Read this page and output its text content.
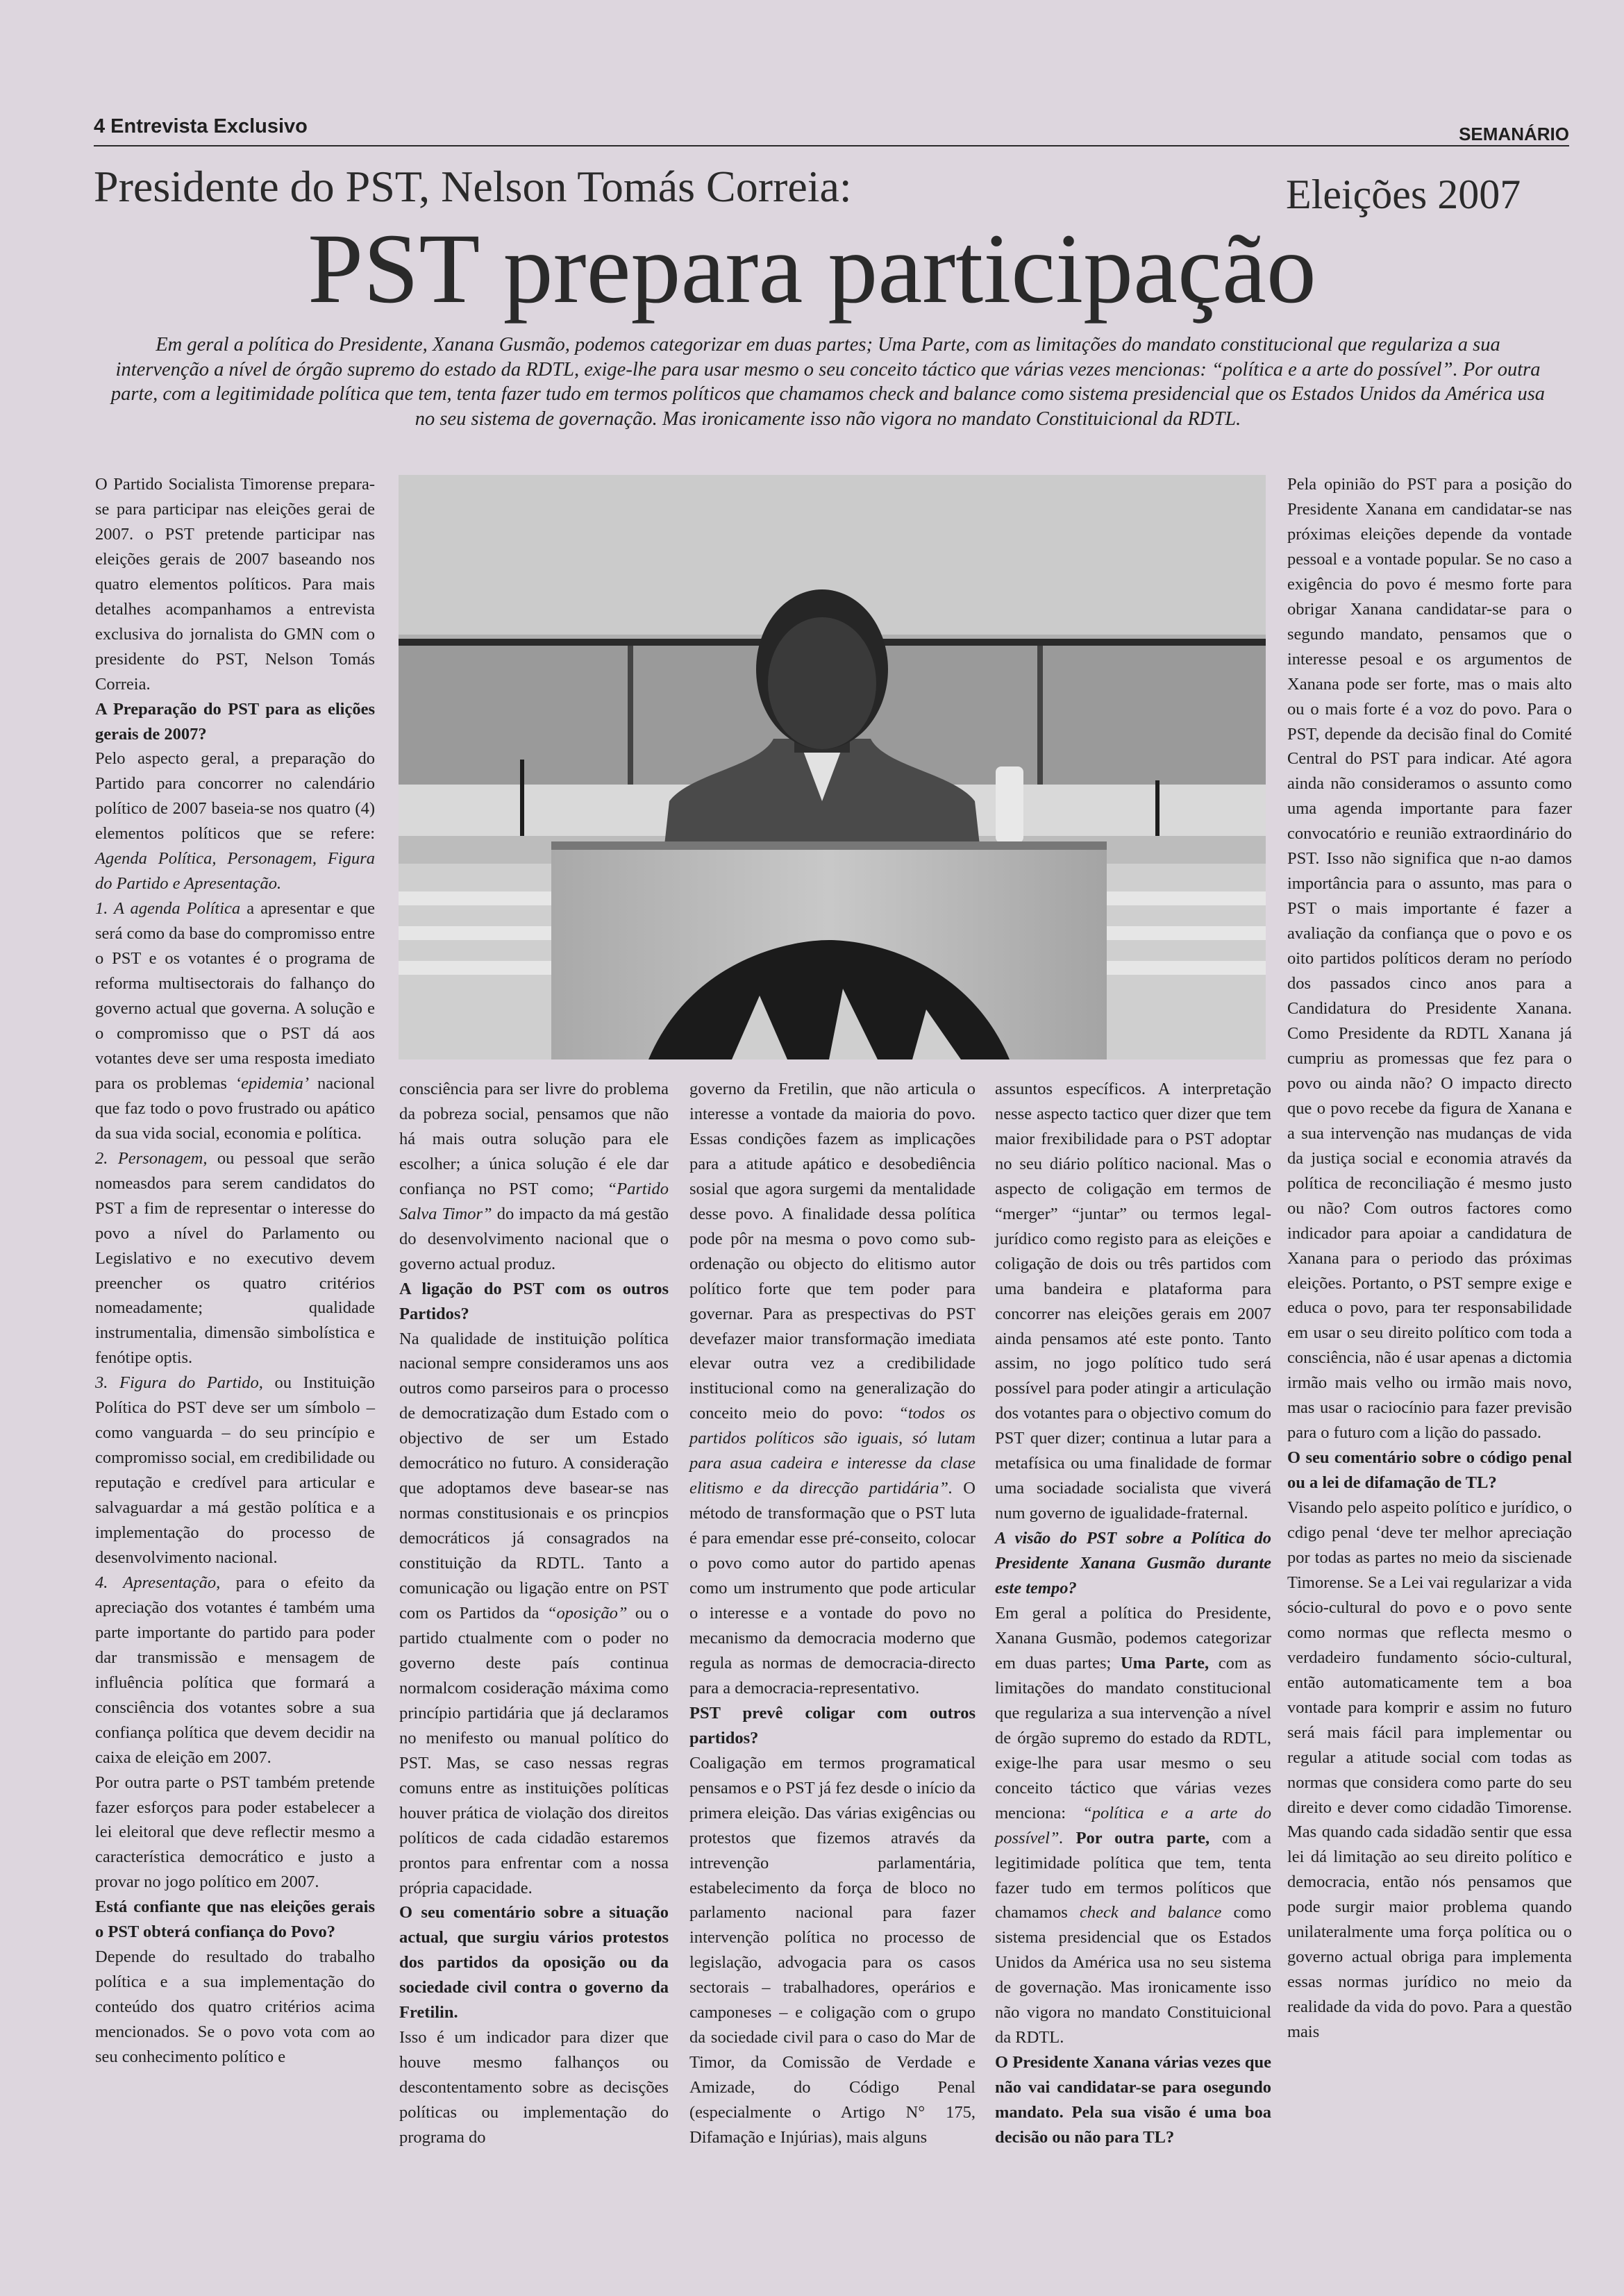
4 Entrevista Exclusivo	SEMANÁRIO
Presidente do PST, Nelson Tomás Correia:	Eleições 2007
PST prepara participação
Em geral a política do Presidente, Xanana Gusmão, podemos categorizar em duas partes; Uma Parte, com as limitações do mandato constitucional que regulariza a sua intervenção a nível de órgão supremo do estado da RDTL, exige-lhe para usar mesmo o seu conceito táctico que várias vezes mencionas: “política e a arte do possível”. Por outra parte, com a legitimidade política que tem, tenta fazer tudo em termos políticos que chamamos check and balance como sistema presidencial que os Estados Unidos da América usa no seu sistema de governação. Mas ironicamente isso não vigora no mandato Constituicional da RDTL.

O Partido Socialista Timorense prepara-se para participar nas eleições gerai de 2007. o PST pretende participar nas eleições gerais de 2007 baseando nos quatro elementos políticos. Para mais detalhes acompanhamos a entrevista exclusiva do jornalista do GMN com o presidente do PST, Nelson Tomás Correia.

A Preparação do PST para as elições gerais de 2007?

Pelo aspecto geral, a preparação do Partido para concorrer no calendário político de 2007 baseia-se nos quatro (4) elementos políticos que se refere: Agenda Política, Personagem, Figura do Partido e Apresentação.

1. A agenda Política a apresentar e que será como da base do compromisso entre o PST e os votantes é o programa de reforma multisectorais do falhanço do governo actual que governa. A solução e o compromisso que o PST dá aos votantes deve ser uma resposta imediato para os problemas ‘epidemia’ nacional que faz todo o povo frustrado ou apático da sua vida social, economia e política.

2. Personagem, ou pessoal que serão nomeasdos para serem candidatos do PST a fim de representar o interesse do povo a nível do Parlamento ou Legislativo e no executivo devem preencher os quatro critérios nomeadamente; qualidade instrumentalia, dimensão simbolística e fenótipe optis.

3. Figura do Partido, ou Instituição Política do PST deve ser um símbolo – como vanguarda – do seu princípio e compromisso social, em credibilidade ou reputação e credível para articular e salvaguardar a má gestão política e a implementação do processo de desenvolvimento nacional.

4. Apresentação, para o efeito da apreciação dos votantes é também uma parte importante do partido para poder dar transmissão e mensagem de influência política que formará a consciência dos votantes sobre a sua confiança política que devem decidir na caixa de eleição em 2007.

Por outra parte o PST também pretende fazer esforços para poder estabelecer a lei eleitoral que deve reflectir mesmo a característica democrático e justo a provar no jogo político em 2007.

Está confiante que nas eleições gerais o PST obterá confiança do Povo?

Depende do resultado do trabalho política e a sua implementação do conteúdo dos quatro critérios acima mencionados. Se o povo vota com ao seu conhecimento político e

consciência para ser livre do problema da pobreza social, pensamos que não há mais outra solução para ele escolher; a única solução é ele dar confiança no PST como; “Partido Salva Timor” do impacto da má gestão do desenvolvimento nacional que o governo actual produz.

A ligação do PST com os outros Partidos?

Na qualidade de instituição política nacional sempre consideramos uns aos outros como parseiros para o processo de democratização dum Estado com o objectivo de ser um Estado democrático no futuro. A consideração que adoptamos deve basear-se nas normas constitusionais e os princpios democráticos já consagrados na constituição da RDTL. Tanto a comunicação ou ligação entre on PST com os Partidos da “oposição” ou o partido ctualmente com o poder no governo deste país continua normalcom cosideração máxima como princípio partidária que já declaramos no menifesto ou manual político do PST. Mas, se caso nessas regras comuns entre as instituições políticas houver prática de violação dos direitos políticos de cada cidadão estaremos prontos para enfrentar com a nossa própria capacidade.

O seu comentário sobre a situação actual, que surgiu vários protestos dos partidos da oposição ou da sociedade civil contra o governo da Fretilin.

Isso é um indicador para dizer que houve mesmo falhanços ou descontentamento sobre as decisções políticas ou implementação do programa do

governo da Fretilin, que não articula o interesse a vontade da maioria do povo. Essas condições fazem as implicações para a atitude apático e desobediência sosial que agora surgemi da mentalidade desse povo. A finalidade dessa política pode pôr na mesma o povo como sub-ordenação ou objecto do elitismo autor político forte que tem poder para governar. Para as prespectivas do PST devefazer maior transformação imediata elevar outra vez a credibilidade institucional como na generalização do conceito meio do povo: “todos os partidos políticos são iguais, só lutam para asua cadeira e interesse da clase elitismo e da direcção partidária”. O método de transformação que o PST luta é para emendar esse pré-conseito, colocar o povo como autor do partido apenas como um instrumento que pode articular o interesse e a vontade do povo no mecanismo da democracia moderno que regula as normas de democracia-directo para a democracia-representativo.

PST prevê coligar com outros partidos?

Coaligação em termos programatical pensamos e o PST já fez desde o início da primera eleição. Das várias exigências ou protestos que fizemos através da intrevenção parlamentária, estabelecimento da força de bloco no parlamento nacional para fazer intervenção política no processo de legislação, advogacia para os casos sectorais – trabalhadores, operários e camponeses – e coligação com o grupo da sociedade civil para o caso do Mar de Timor, da Comissão de Verdade e Amizade, do Código Penal (especialmente o Artigo N° 175, Difamação e Injúrias), mais alguns

assuntos específicos. A interpretação nesse aspecto tactico quer dizer que tem maior frexibilidade para o PST adoptar no seu diário político nacional. Mas o aspecto de coligação em termos de “merger” “juntar” ou termos legal-jurídico como registo para as eleições e coligação de dois ou três partidos com uma bandeira e plataforma para concorrer nas eleições gerais em 2007 ainda pensamos até este ponto. Tanto assim, no jogo político tudo será possível para poder atingir a articulação dos votantes para o objectivo comum do PST quer dizer; continua a lutar para a metafísica ou uma finalidade de formar uma sociadade socialista que viverá num governo de igualidade-fraternal.

A visão do PST sobre a Política do Presidente Xanana Gusmão durante este tempo?

Em geral a política do Presidente, Xanana Gusmão, podemos categorizar em duas partes; Uma Parte, com as limitações do mandato constitucional que regulariza a sua intervenção a nível de órgão supremo do estado da RDTL, exige-lhe para usar mesmo o seu conceito táctico que várias vezes menciona: “política e a arte do possível”. Por outra parte, com a legitimidade política que tem, tenta fazer tudo em termos políticos que chamamos check and balance como sistema presidencial que os Estados Unidos da América usa no seu sistema de governação. Mas ironicamente isso não vigora no mandato Constituicional da RDTL.

O Presidente Xanana várias vezes que não vai candidatar-se para osegundo mandato. Pela sua visão é uma boa decisão ou não para TL?

Pela opinião do PST para a posição do Presidente Xanana em candidatar-se nas próximas eleições depende da vontade pessoal e a vontade popular. Se no caso a exigência do povo é mesmo forte para obrigar Xanana candidatar-se para o segundo mandato, pensamos que o interesse pesoal e os argumentos de Xanana pode ser forte, mas o mais alto ou o mais forte é a voz do povo. Para o PST, depende da decisão final do Comité Central do PST para indicar. Até agora ainda não consideramos o assunto como uma agenda importante para fazer convocatório e reunião extraordinário do PST. Isso não significa que n-ao damos importância para o assunto, mas para o PST o mais importante é fazer a avaliação da confiança que o povo e os oito partidos políticos deram no período dos passados cinco anos para a Candidatura do Presidente Xanana. Como Presidente da RDTL Xanana já cumpriu as promessas que fez para o povo ou ainda não? O impacto directo que o povo recebe da figura de Xanana e a sua intervenção nas mudanças de vida da justiça social e economia através da política de reconciliação é mesmo justo ou não? Com outros factores como indicador para apoiar a candidatura de Xanana para o periodo das próximas eleições. Portanto, o PST sempre exige e educa o povo, para ter responsabilidade em usar o seu direito político com toda a consciência, não é usar apenas a dictomia irmão mais velho ou irmão mais novo, mas usar o raciocínio para fazer previsão para o futuro com a lição do passado.

O seu comentário sobre o código penal ou a lei de difamação de TL?

Visando pelo aspeito político e jurídico, o cdigo penal ‘deve ter melhor apreciação por todas as partes no meio da siscienade Timorense. Se a Lei vai regularizar a vida sócio-cultural do povo e o povo sente como normas que reflecta mesmo o verdadeiro fundamento sócio-cultural, então automaticamente tem a boa vontade para komprir e assim no futuro será mais fácil para implementar ou regular a atitude social com todas as normas que considera como parte do seu direito e dever como cidadão Timorense. Mas quando cada sidadão sentir que essa lei dá limitação ao seu direito político e democracia, então nós pensamos que pode surgir maior problema quando unilateralmente uma força política ou o governo actual obriga para implementa essas normas jurídico no meio da realidade da vida do povo. Para a questão mais
